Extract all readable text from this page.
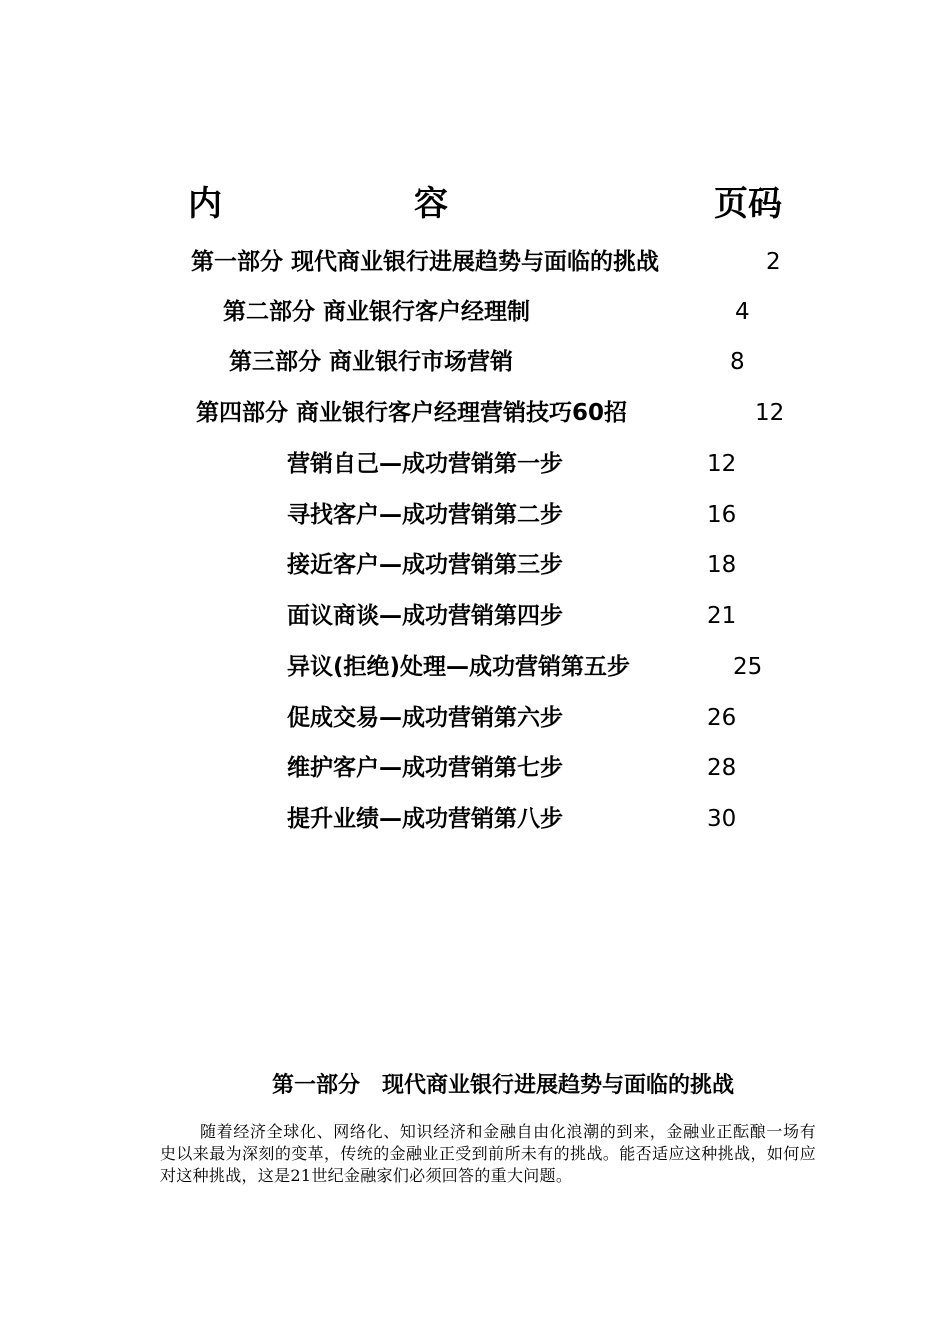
内	容	页码
第一部分 现代商业银行进展趋势与面临的挑战	2
第二部分 商业银行客户经理制	4
第三部分 商业银行市场营销	8
第四部分 商业银行客户经理营销技巧60招	12
营销自己—成功营销第一步	12
寻找客户—成功营销第二步	16
接近客户—成功营销第三步	18
面议商谈—成功营销第四步	21
异议(拒绝)处理—成功营销第五步	25
促成交易—成功营销第六步	26
维护客户—成功营销第七步	28
提升业绩—成功营销第八步	30
第一部分　现代商业银行进展趋势与面临的挑战

随着经济全球化、网络化、知识经济和金融自由化浪潮的到来，金融业正酝酿一场有史以来最为深刻的变革，传统的金融业正受到前所未有的挑战。能否适应这种挑战，如何应对这种挑战，这是21世纪金融家们必须回答的重大问题。
